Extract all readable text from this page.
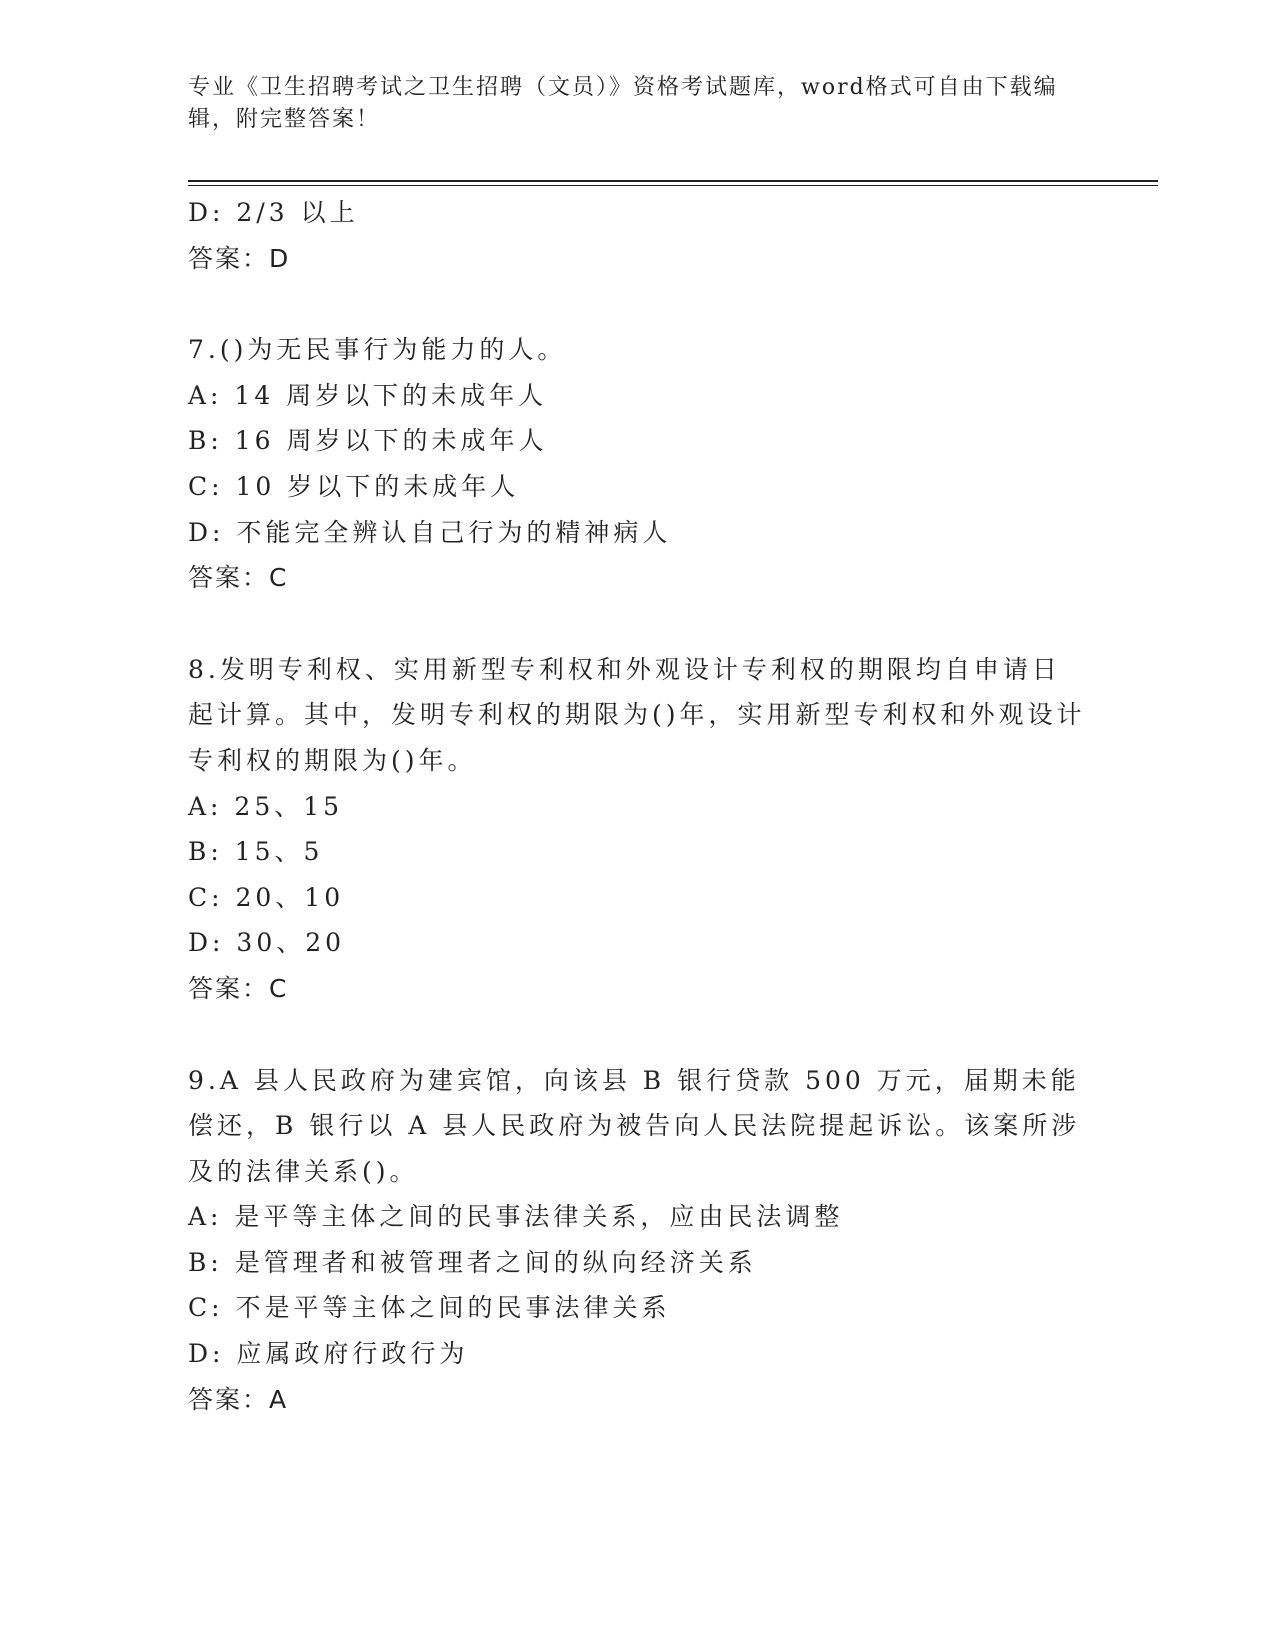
专业《卫生招聘考试之卫生招聘（文员）》资格考试题库，word格式可自由下载编辑，附完整答案！
D: 2/3 以上
答案：D
7.()为无民事行为能力的人。
A: 14 周岁以下的未成年人
B: 16 周岁以下的未成年人
C: 10 岁以下的未成年人
D: 不能完全辨认自己行为的精神病人
答案：C
8.发明专利权、实用新型专利权和外观设计专利权的期限均自申请日起计算。其中，发明专利权的期限为()年，实用新型专利权和外观设计专利权的期限为()年。
A: 25、15
B: 15、5
C: 20、10
D: 30、20
答案：C
9.A 县人民政府为建宾馆，向该县 B 银行贷款 500 万元，届期未能偿还，B 银行以 A 县人民政府为被告向人民法院提起诉讼。该案所涉及的法律关系()。
A: 是平等主体之间的民事法律关系，应由民法调整
B: 是管理者和被管理者之间的纵向经济关系
C: 不是平等主体之间的民事法律关系
D: 应属政府行政行为
答案：A
